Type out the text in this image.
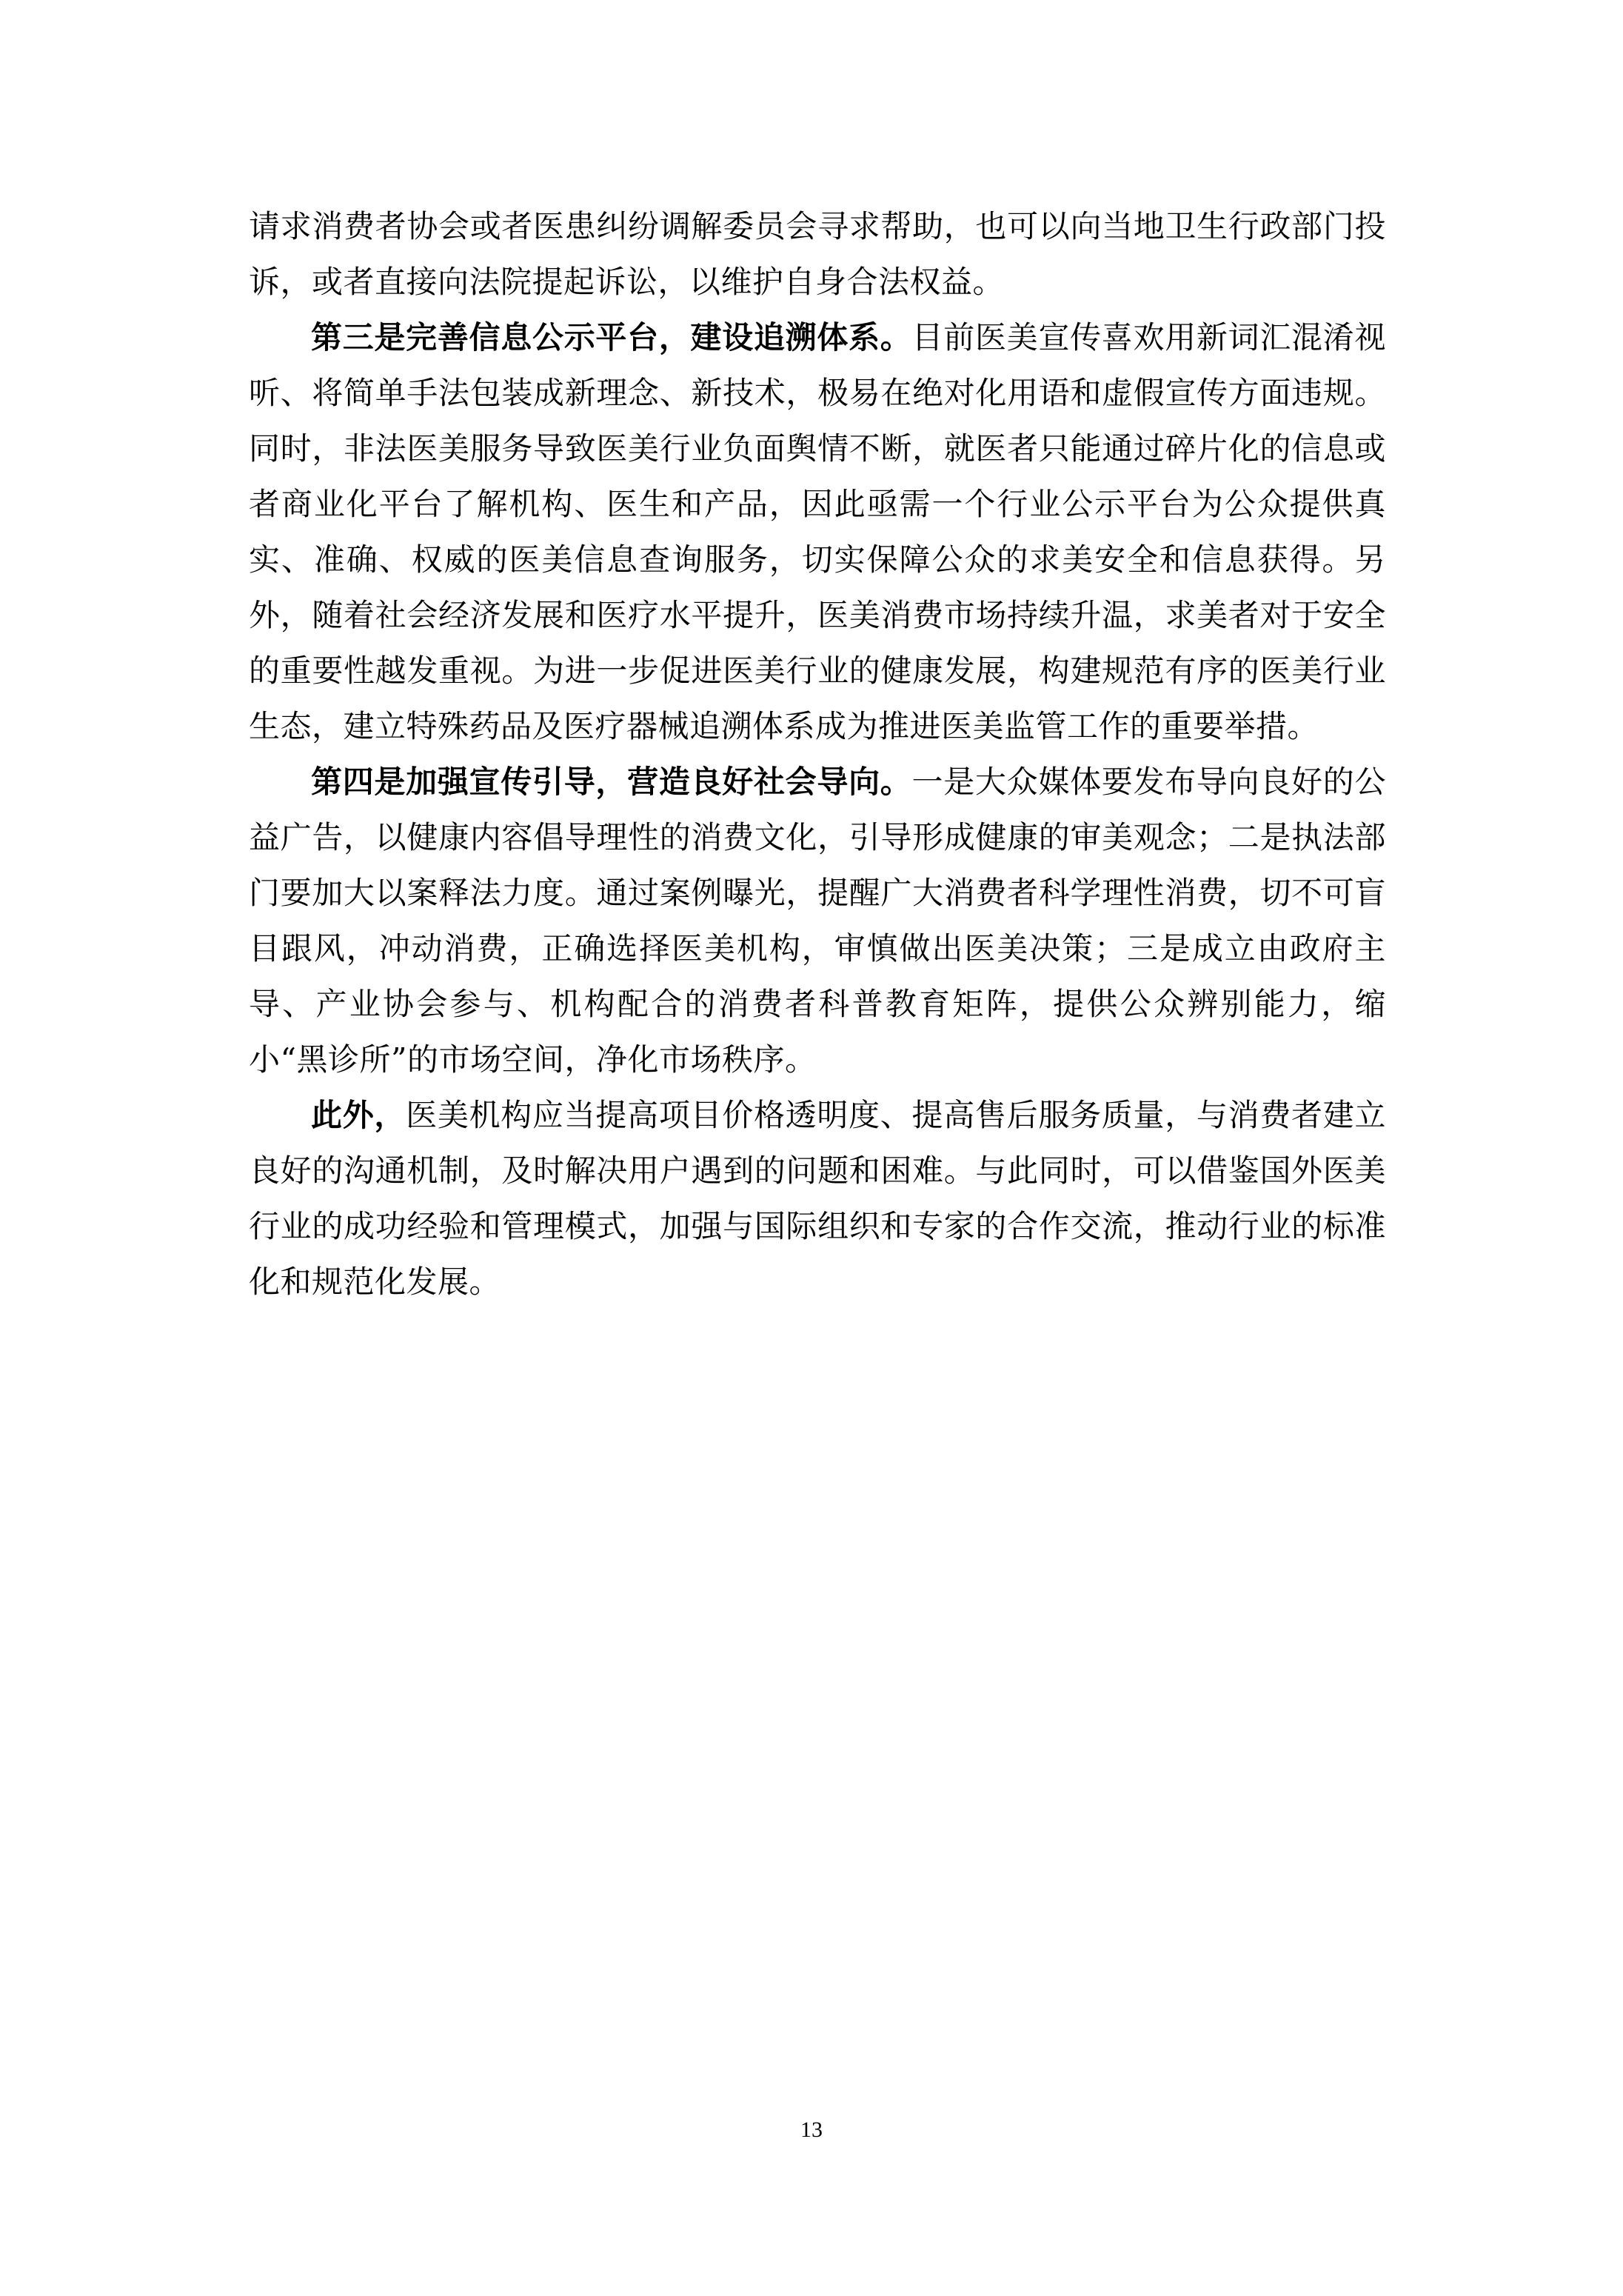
请求消费者协会或者医患纠纷调解委员会寻求帮助，也可以向当地卫生行政部门投诉，或者直接向法院提起诉讼，以维护自身合法权益。

第三是完善信息公示平台，建设追溯体系。目前医美宣传喜欢用新词汇混淆视听、将简单手法包装成新理念、新技术，极易在绝对化用语和虚假宣传方面违规。同时，非法医美服务导致医美行业负面舆情不断，就医者只能通过碎片化的信息或者商业化平台了解机构、医生和产品，因此亟需一个行业公示平台为公众提供真实、准确、权威的医美信息查询服务，切实保障公众的求美安全和信息获得。另外，随着社会经济发展和医疗水平提升，医美消费市场持续升温，求美者对于安全的重要性越发重视。为进一步促进医美行业的健康发展，构建规范有序的医美行业生态，建立特殊药品及医疗器械追溯体系成为推进医美监管工作的重要举措。

第四是加强宣传引导，营造良好社会导向。一是大众媒体要发布导向良好的公益广告，以健康内容倡导理性的消费文化，引导形成健康的审美观念；二是执法部门要加大以案释法力度。通过案例曝光，提醒广大消费者科学理性消费，切不可盲目跟风，冲动消费，正确选择医美机构，审慎做出医美决策；三是成立由政府主导、产业协会参与、机构配合的消费者科普教育矩阵，提供公众辨别能力，缩小“黑诊所”的市场空间，净化市场秩序。

此外，医美机构应当提高项目价格透明度、提高售后服务质量，与消费者建立良好的沟通机制，及时解决用户遇到的问题和困难。与此同时，可以借鉴国外医美行业的成功经验和管理模式，加强与国际组织和专家的合作交流，推动行业的标准化和规范化发展。

13
